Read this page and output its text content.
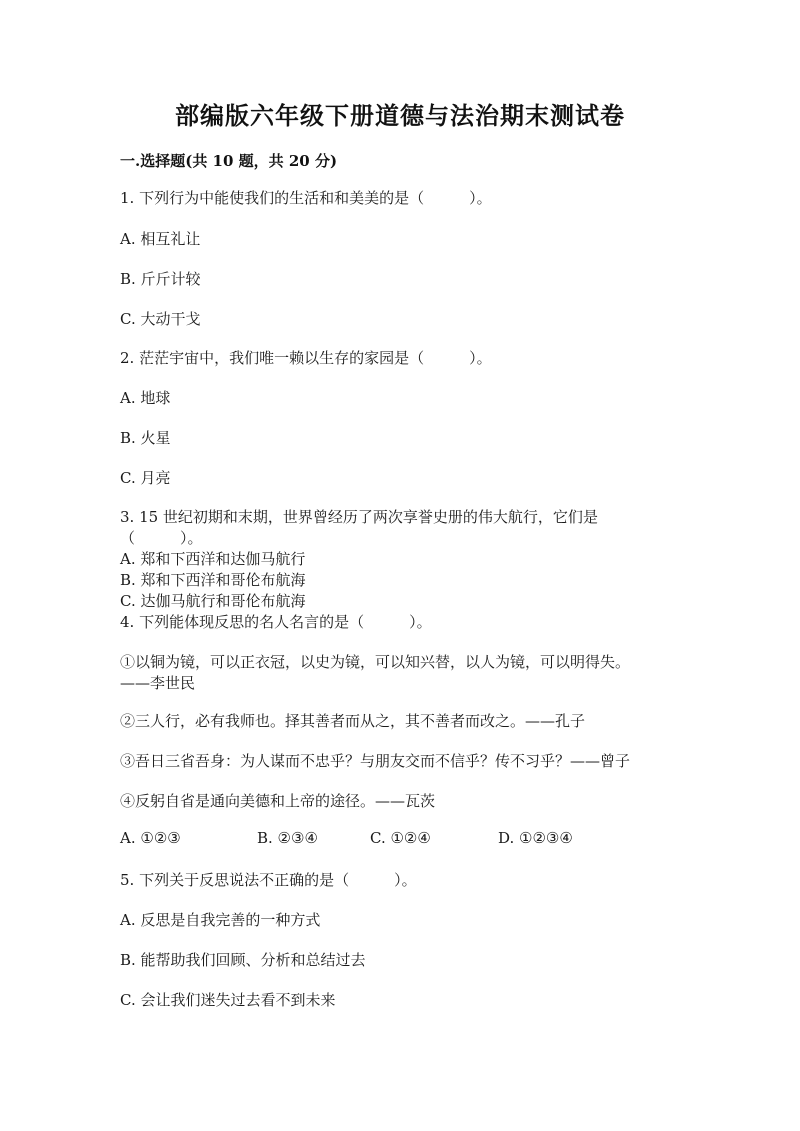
部编版六年级下册道德与法治期末测试卷
一.选择题(共 10 题，共 20 分)
1. 下列行为中能使我们的生活和和美美的是（　　　）。
A. 相互礼让
B. 斤斤计较
C. 大动干戈
2. 茫茫宇宙中，我们唯一赖以生存的家园是（　　　）。
A. 地球
B. 火星
C. 月亮
3. 15 世纪初期和末期，世界曾经历了两次享誉史册的伟大航行，它们是
（　　　）。
A. 郑和下西洋和达伽马航行
B. 郑和下西洋和哥伦布航海
C. 达伽马航行和哥伦布航海
4. 下列能体现反思的名人名言的是（　　　）。
①以铜为镜，可以正衣冠，以史为镜，可以知兴替，以人为镜，可以明得失。
——李世民
②三人行，必有我师也。择其善者而从之，其不善者而改之。——孔子
③吾日三省吾身：为人谋而不忠乎？与朋友交而不信乎？传不习乎？——曾子
④反躬自省是通向美德和上帝的途径。——瓦茨
A. ①②③	B. ②③④	C. ①②④	D. ①②③④
5. 下列关于反思说法不正确的是（　　　）。
A. 反思是自我完善的一种方式
B. 能帮助我们回顾、分析和总结过去
C. 会让我们迷失过去看不到未来
